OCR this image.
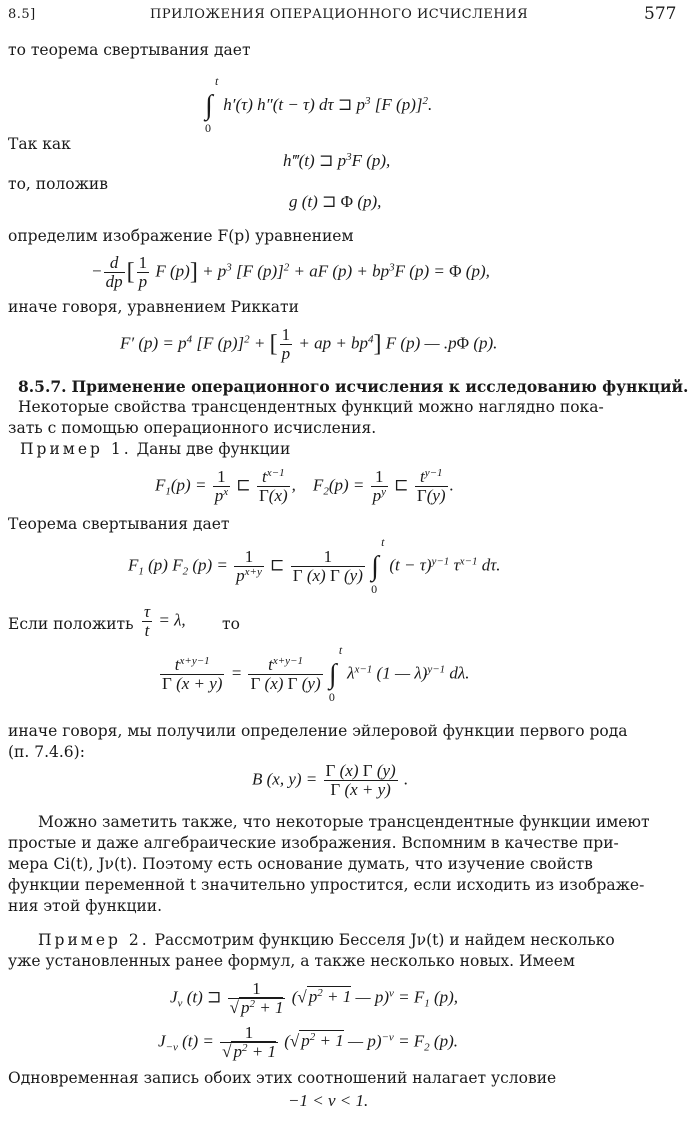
8.5]	ПРИЛОЖЕНИЯ ОПЕРАЦИОННОГО ИСЧИСЛЕНИЯ	577
то теорема свертывания дает
∫
t
0
h′(τ) h″(t − τ) dτ ⊐ $p^3$ [F (p)]$^2$.
Так как
h‴(t) ⊐ $p^3F$ (p),
то, положив
g (t) ⊐ Φ (p),
определим изображение F(p) уравнением
− $\frac{d}{dp}$ [ $\frac{1}{p}$ F $(p)] + p^3$ [F (p)]$^2$ + aF $(p) + bp^3F$ (p) = Φ (p),
иначе говоря, уравнением Риккати
F′ $(p) = p^4$ [F (p)]$^2$ + [ $\frac{1}{p}$ + ap + $bp^4$] F (p) — .pΦ (p).
8.5.7. Применение операционного исчисления к исследованию функций.
Некоторые свойства трансцендентных функций можно наглядно пока-
зать с помощью операционного исчисления.
Пример 1. Даны две функции
$F_1(p) = \frac{1}{p^x}$ ⊏ $\frac{t^{x-1}}{\Gamma(x)}$ ,    $F_2(p) = \frac{1}{p^y}$ ⊏ $\frac{t^{y-1}}{\Gamma(y)}$ .
Теорема свертывания дает
$F_1$ (p) $F_2$ $(p) = \frac{1}{p^{x+y}}$ ⊏ $\frac{1}{\Gamma (x) \Gamma (y)}$ ∫
t
0
$(t - \tau)^{y-1}$ $\tau^{x-1}$ dτ.
Если положить $\frac{\tau}{t} = \lambda$, то
$\frac{t^{x+y-1}}{\Gamma (x + y)} = \frac{t^{x+y-1}}{\Gamma (x) \Gamma (y)}$ ∫
t
0
$\lambda^{x-1}$ (1 — λ)$^{y-1}$ dλ.
иначе говоря, мы получили определение эйлеровой функции первого рода
(п. 7.4.6):
B (x, $y) = \frac{\Gamma (x) \Gamma (y)}{\Gamma (x + y)}$ .
Можно заметить также, что некоторые трансцендентные функции имеют
простые и даже алгебраические изображения. Вспомним в качестве при-
мера Ci(t), Jν(t). Поэтому есть основание думать, что изучение свойств
функции переменной t значительно упростится, если исходить из изображе-
ния этой функции.
Пример 2. Рассмотрим функцию Бесселя Jν(t) и найдем несколько
уже установленных ранее формул, а также несколько новых. Имеем
$J_\nu$ (t) ⊐ $\frac{1}{√ p^2 + 1}$ (√ $p^2 + 1$ — $p)^\nu = F_1$ (p),
$J_{-\nu}$ $(t) = \frac{1}{√ p^2 + 1}$ (√ $p^2 + 1$ — $p)^{-\nu} = F_2$ (p).
Одновременная запись обоих этих соотношений налагает условие
−1 < ν < 1.
